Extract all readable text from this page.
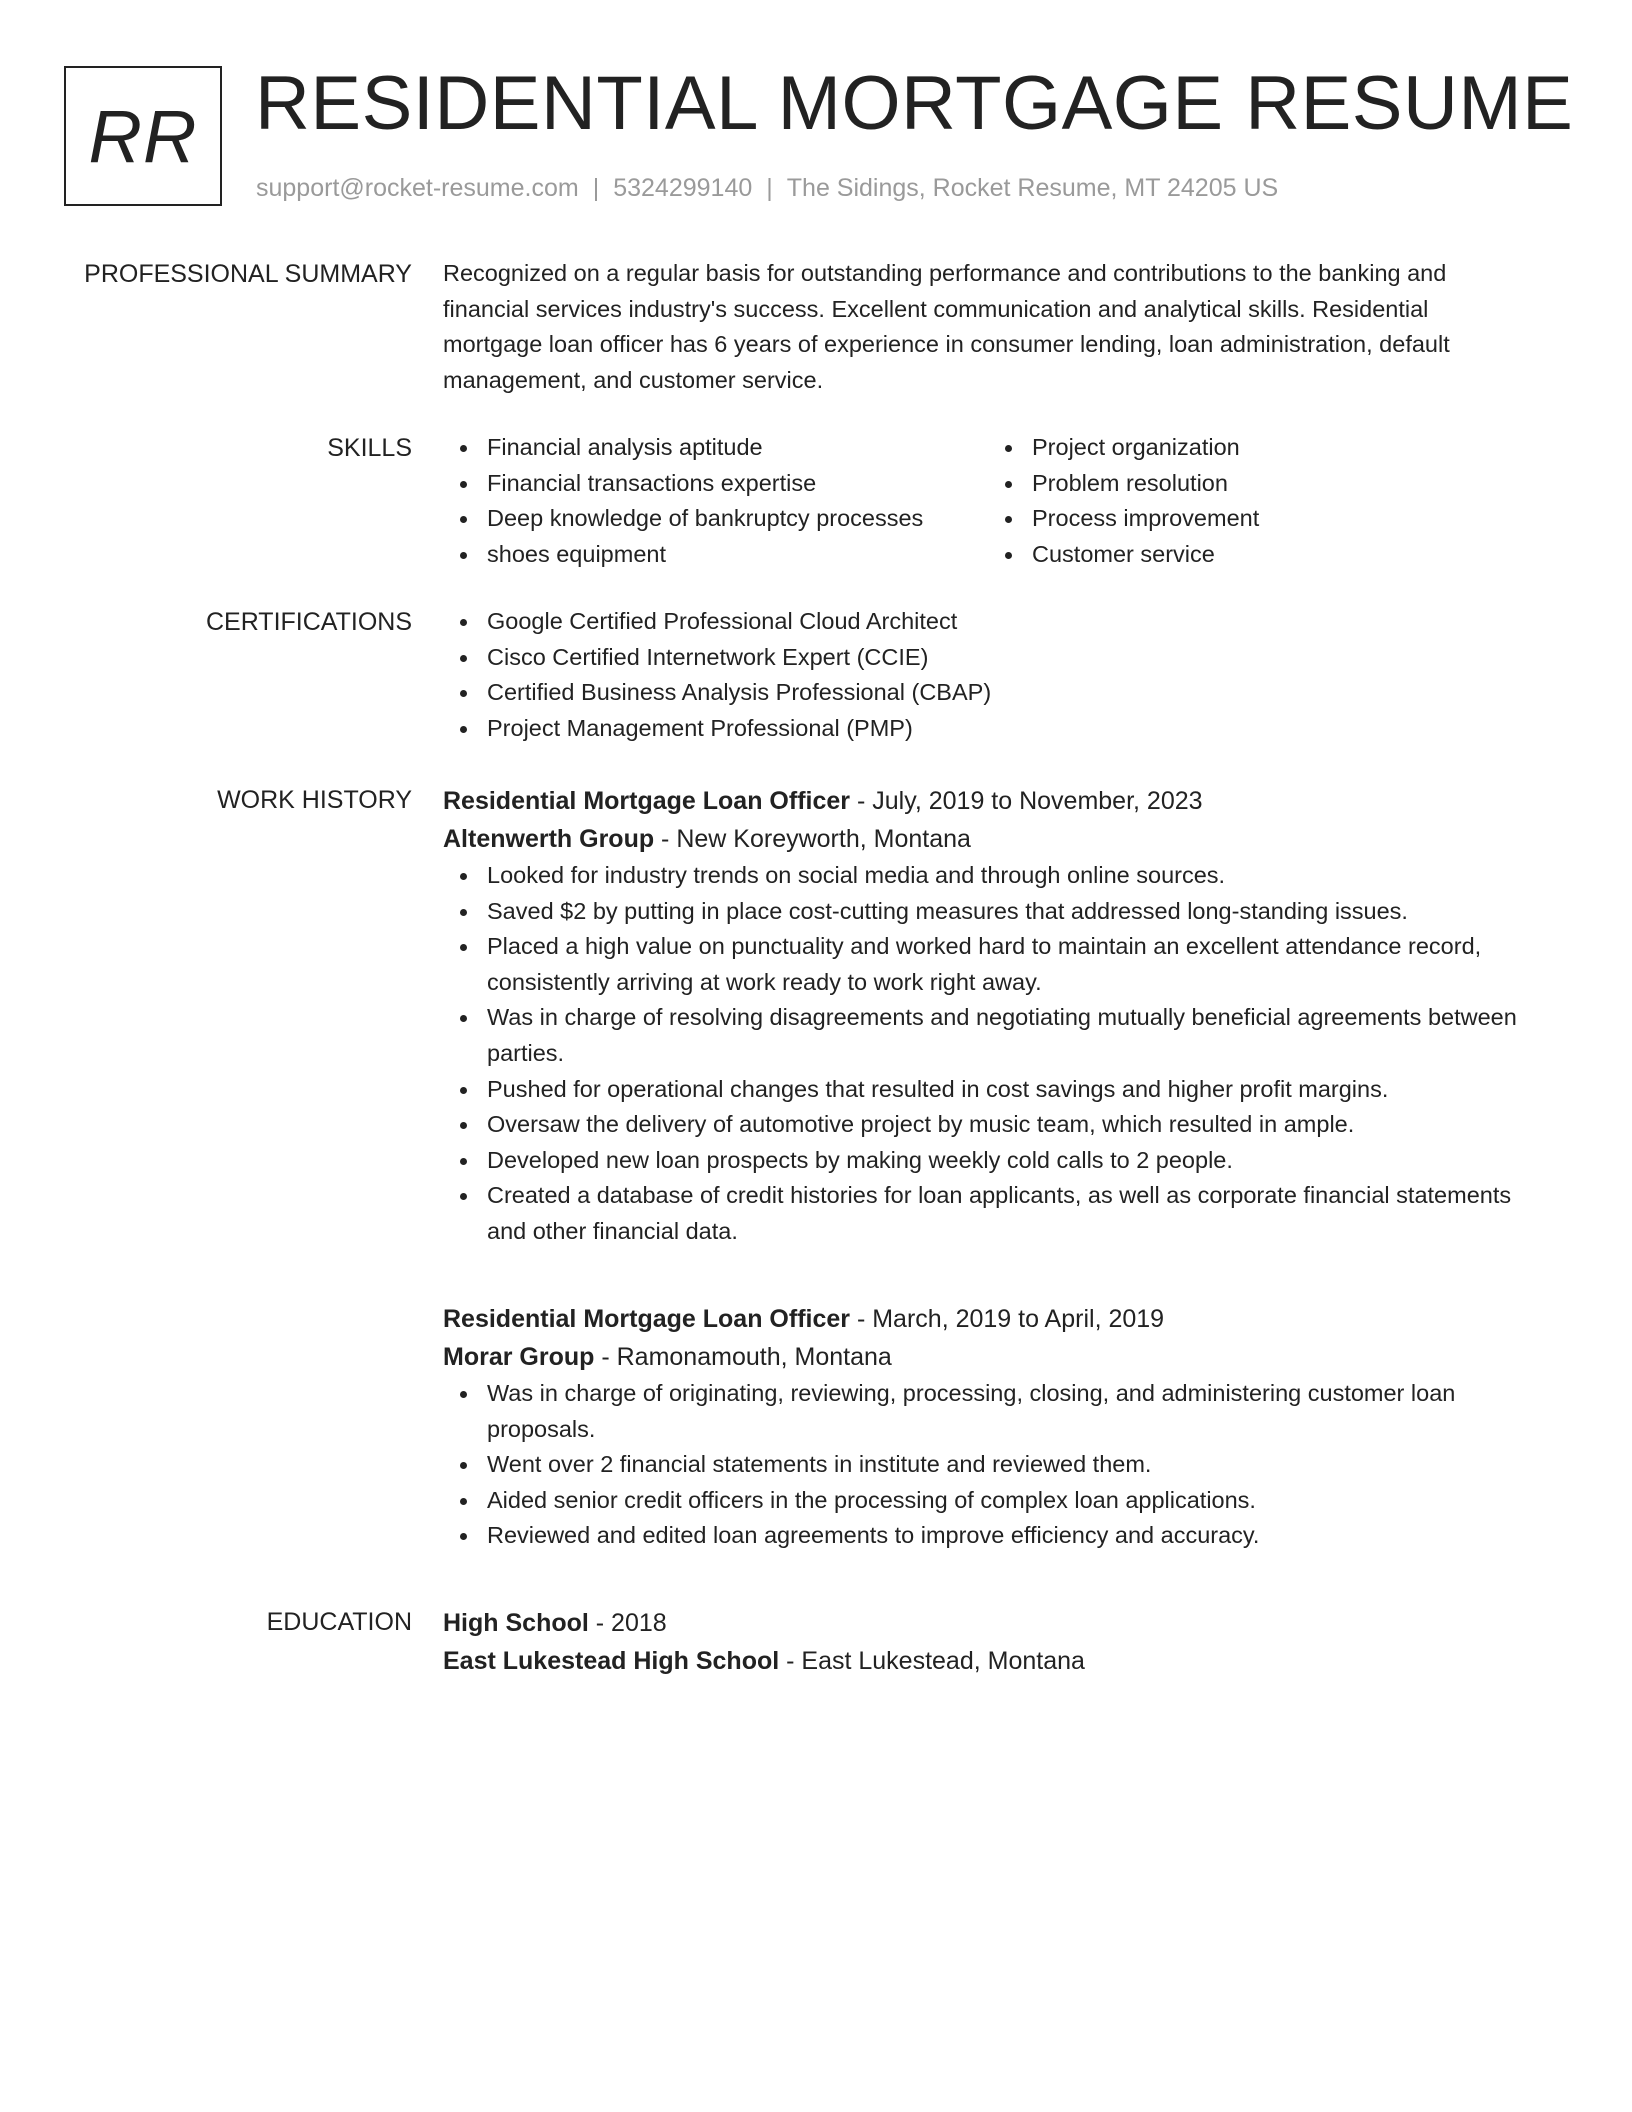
RR RESIDENTIAL MORTGAGE RESUME
support@rocket-resume.com | 5324299140 | The Sidings, Rocket Resume, MT 24205 US
PROFESSIONAL SUMMARY Recognized on a regular basis for outstanding performance and contributions to the banking and financial services industry's success. Excellent communication and analytical skills. Residential mortgage loan officer has 6 years of experience in consumer lending, loan administration, default management, and customer service.

SKILLS	Financial analysis aptitude
Financial transactions expertise
Deep knowledge of bankruptcy processes
shoes equipment
Project organization
Problem resolution
Process improvement
Customer service
CERTIFICATIONS	Google Certified Professional Cloud Architect
Cisco Certified Internetwork Expert (CCIE)
Certified Business Analysis Professional (CBAP)
Project Management Professional (PMP)
WORK HISTORY Residential Mortgage Loan Officer - July, 2019 to November, 2023
Altenwerth Group - New Koreyworth, Montana
Looked for industry trends on social media and through online sources.
Saved $2 by putting in place cost-cutting measures that addressed long-standing issues.
Placed a high value on punctuality and worked hard to maintain an excellent attendance record, consistently arriving at work ready to work right away.
Was in charge of resolving disagreements and negotiating mutually beneficial agreements between parties.
Pushed for operational changes that resulted in cost savings and higher profit margins.
Oversaw the delivery of automotive project by music team, which resulted in ample.
Developed new loan prospects by making weekly cold calls to 2 people.
Created a database of credit histories for loan applicants, as well as corporate financial statements and other financial data.
Residential Mortgage Loan Officer - March, 2019 to April, 2019
Morar Group - Ramonamouth, Montana
Was in charge of originating, reviewing, processing, closing, and administering customer loan proposals.
Went over 2 financial statements in institute and reviewed them.
Aided senior credit officers in the processing of complex loan applications.
Reviewed and edited loan agreements to improve efficiency and accuracy.
EDUCATION High School - 2018
East Lukestead High School - East Lukestead, Montana
